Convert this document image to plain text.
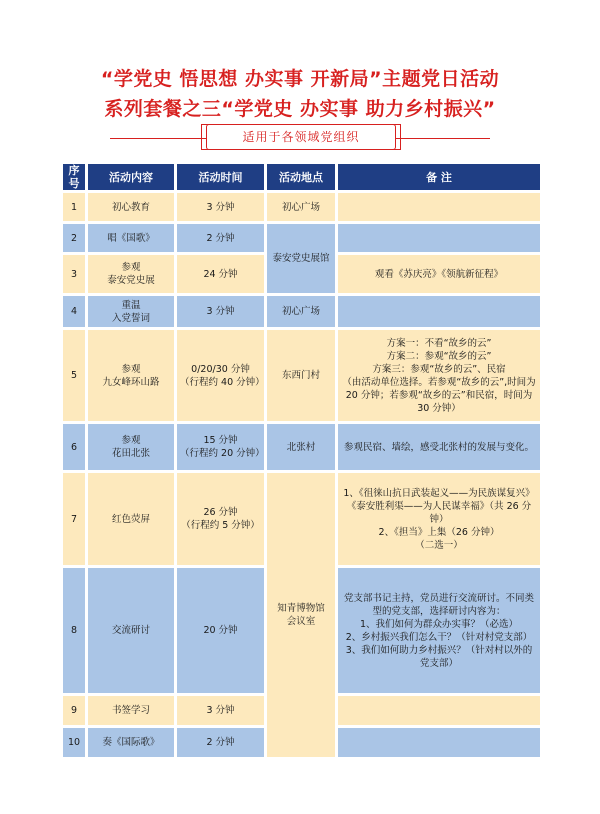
“学党史 悟思想 办实事 开新局”主题党日活动
系列套餐之三“学党史 办实事 助力乡村振兴”
适用于各领域党组织
序号	活动内容	活动时间	活动地点	备 注
1	初心教育	3 分钟	初心广场	

2	唱《国歌》	2 分钟	泰安党史展馆	

3	参观
泰安党史展	24 分钟		观看《苏庆亮》《领航新征程》
4	重温
入党誓词	3 分钟	初心广场	

5	参观
九女峰环山路	0/20/30 分钟
（行程约 40 分钟）	东西门村	方案一：不看“故乡的云”
方案二：参观“故乡的云”
方案三：参观“故乡的云”、民宿
（由活动单位选择。若参观“故乡的云”,时间为 20 分钟；若参观“故乡的云”和民宿，时间为 30 分钟）

6	参观
花田北张	15 分钟
（行程约 20 分钟）	北张村	参观民宿、墙绘，感受北张村的发展与变化。

7	红色荧屏	26 分钟
（行程约 5 分钟）	知青博物馆
会议室	1、《徂徕山抗日武装起义——为民族谋复兴》《泰安胜利渠——为人民谋幸福》（共 26 分钟）
2、《担当》上集（26 分钟）
（二选一）

8	交流研讨	20 分钟		党支部书记主持，党员进行交流研讨。不同类型的党支部，选择研讨内容为：
1、我们如何为群众办实事？（必选）
2、乡村振兴我们怎么干？（针对村党支部）
3、我们如何助力乡村振兴？（针对村以外的党支部）

9	书签学习	3 分钟		

10	奏《国际歌》	2 分钟		
